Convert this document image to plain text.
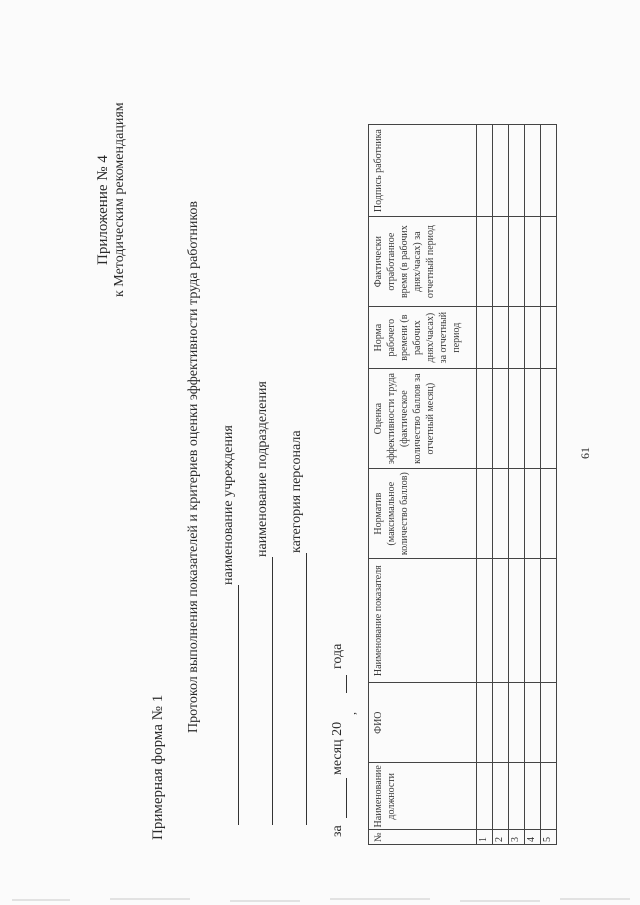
Приложение № 4 к Методическим рекомендациям
Примерная форма № 1
Протокол выполнения показателей и критериев оценки эффективности труда работников наименование учреждения наименование подразделения категория персонала
за
,
месяц 20
года
№	Наименование должности	ФИО	Наименование показателя	Норматив (максимальное количество баллов)	Оценка эффективности труда (фактическое количество баллов за отчетный месяц)	Норма рабочего времени (в рабочих днях/часах) за отчетный период	Фактически отработанное время (в рабочих днях/часах) за отчетный период	Подпись работника
1								
2								
3								
4								
5								
61
